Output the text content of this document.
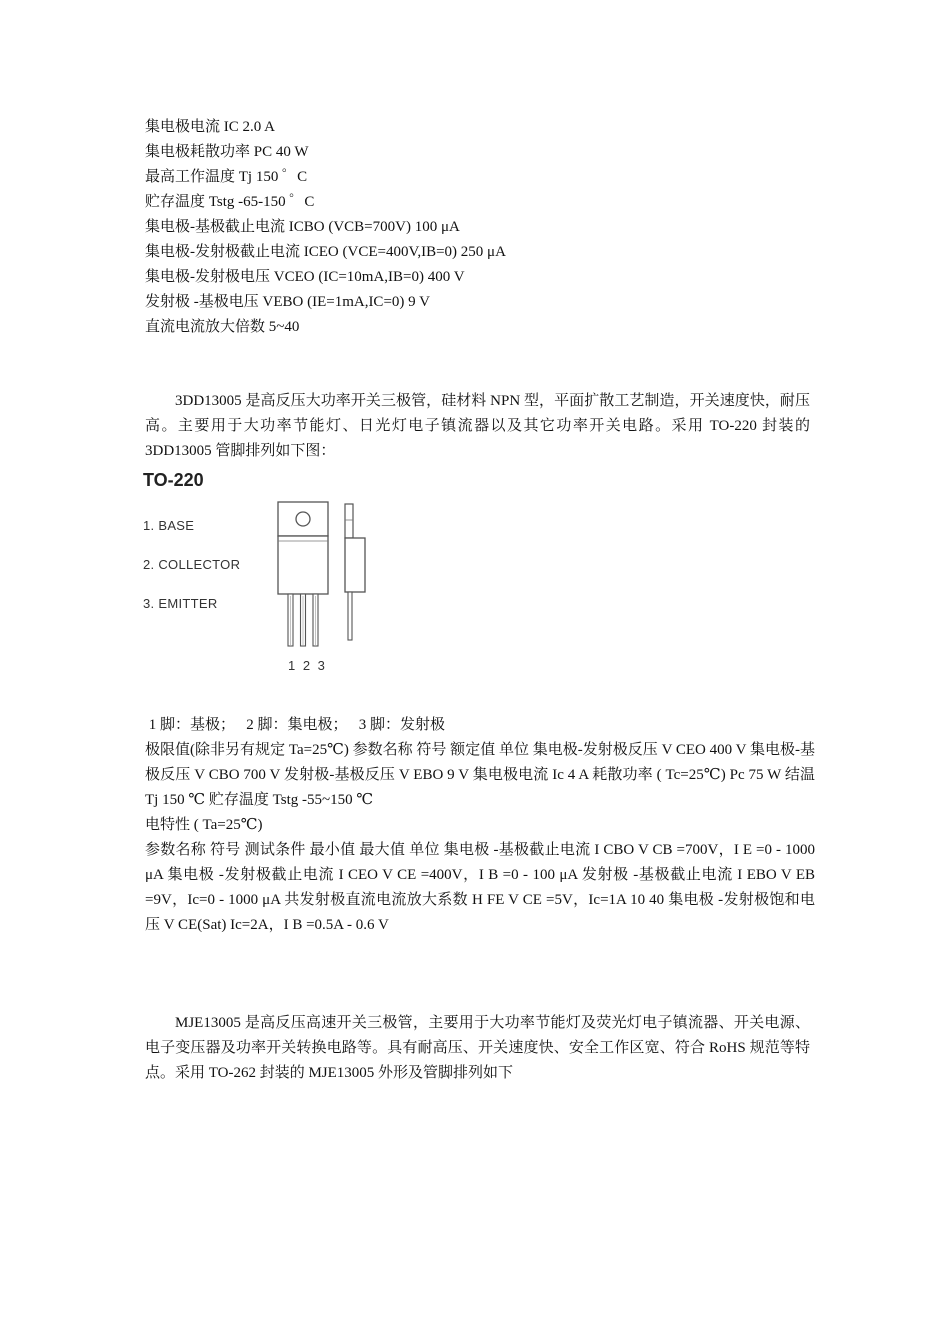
集电极电流 IC 2.0 A
集电极耗散功率 PC 40 W
最高工作温度 Tj 150 ゜C
贮存温度 Tstg -65-150 ゜C
集电极-基极截止电流 ICBO (VCB=700V) 100 μA
集电极-发射极截止电流 ICEO (VCE=400V,IB=0) 250 μA
集电极-发射极电压 VCEO (IC=10mA,IB=0) 400 V
发射极 -基极电压 VEBO (IE=1mA,IC=0) 9 V
直流电流放大倍数 5~40
3DD13005 是高反压大功率开关三极管，硅材料 NPN 型，平面扩散工艺制造，开关速度快，耐压高。主要用于大功率节能灯、日光灯电子镇流器以及其它功率开关电路。采用 TO-220 封装的 3DD13005 管脚排列如下图：
TO-220
1. BASE
2. COLLECTOR
3. EMITTER
1 2 3
1 脚：基极；   2 脚：集电极；   3 脚：发射极
极限值(除非另有规定 Ta=25℃) 参数名称 符号 额定值 单位 集电极-发射极反压 V CEO 400 V 集电极-基极反压 V CBO 700 V 发射极-基极反压 V EBO 9 V 集电极电流 Ic 4 A 耗散功率 ( Tc=25℃) Pc 75 W 结温 Tj 150 ℃ 贮存温度 Tstg -55~150 ℃
电特性 ( Ta=25℃)
参数名称 符号 测试条件 最小值 最大值 单位 集电极 -基极截止电流 I CBO V CB =700V，I E =0 - 1000 μA 集电极 -发射极截止电流 I CEO V CE =400V，I B =0 - 100 μA 发射极 -基极截止电流 I EBO V EB =9V，Ic=0 - 1000 μA 共发射极直流电流放大系数 H FE V CE =5V，Ic=1A 10 40 集电极 -发射极饱和电压 V CE(Sat) Ic=2A，I B =0.5A - 0.6 V
MJE13005 是高反压高速开关三极管，主要用于大功率节能灯及荧光灯电子镇流器、开关电源、电子变压器及功率开关转换电路等。具有耐高压、开关速度快、安全工作区宽、符合 RoHS 规范等特点。采用 TO-262 封装的 MJE13005 外形及管脚排列如下
